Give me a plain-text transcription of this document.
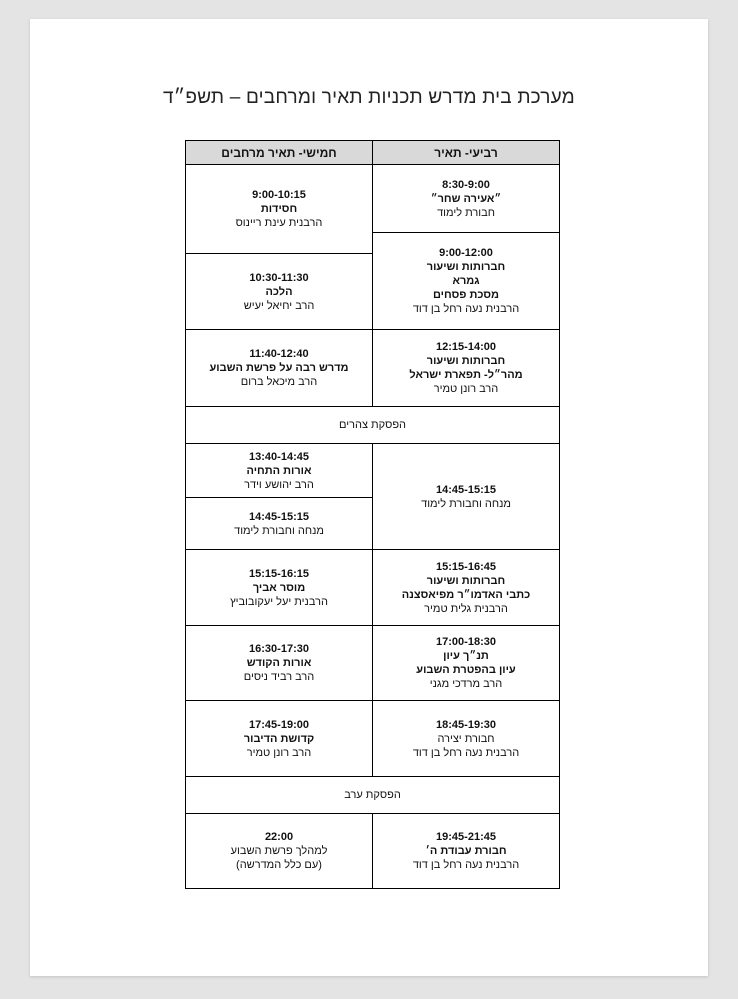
מערכת בית מדרש תכניות תאיר ומרחבים – תשפ״ד
רביעי- תאיר
חמישי- תאיר מרחבים
8:30-9:00
״אעירה שחר״
חבורת לימוד
9:00-12:00
חברותות ושיעור
גמרא
מסכת פסחים
הרבנית נעה רחל בן דוד
12:15-14:00
חברותות ושיעור
מהר״ל- תפארת ישראל
הרב רונן טמיר
הפסקת צהרים
14:45-15:15
מנחה וחבורת לימוד
15:15-16:45
חברותות ושיעור
כתבי האדמו״ר מפיאסצנה
הרבנית גלית טמיר
17:00-18:30
תנ״ך עיון
עיון בהפטרת השבוע
הרב מרדכי מגני
18:45-19:30
חבורת יצירה
הרבנית נעה רחל בן דוד
הפסקת ערב
19:45-21:45
חבורת עבודת ה׳
הרבנית נעה רחל בן דוד
9:00-10:15
חסידות
הרבנית עינת ריינוס
10:30-11:30
הלכה
הרב יחיאל יעיש
11:40-12:40
מדרש רבה על פרשת השבוע
הרב מיכאל ברום
13:40-14:45
אורות התחיה
הרב יהושע וידר
14:45-15:15
מנחה וחבורת לימוד
15:15-16:15
מוסר אביך
הרבנית יעל יעקובוביץ
16:30-17:30
אורות הקודש
הרב רביד ניסים
17:45-19:00
קדושת הדיבור
הרב רונן טמיר
22:00
למהלך פרשת השבוע
(עם כלל המדרשה)
